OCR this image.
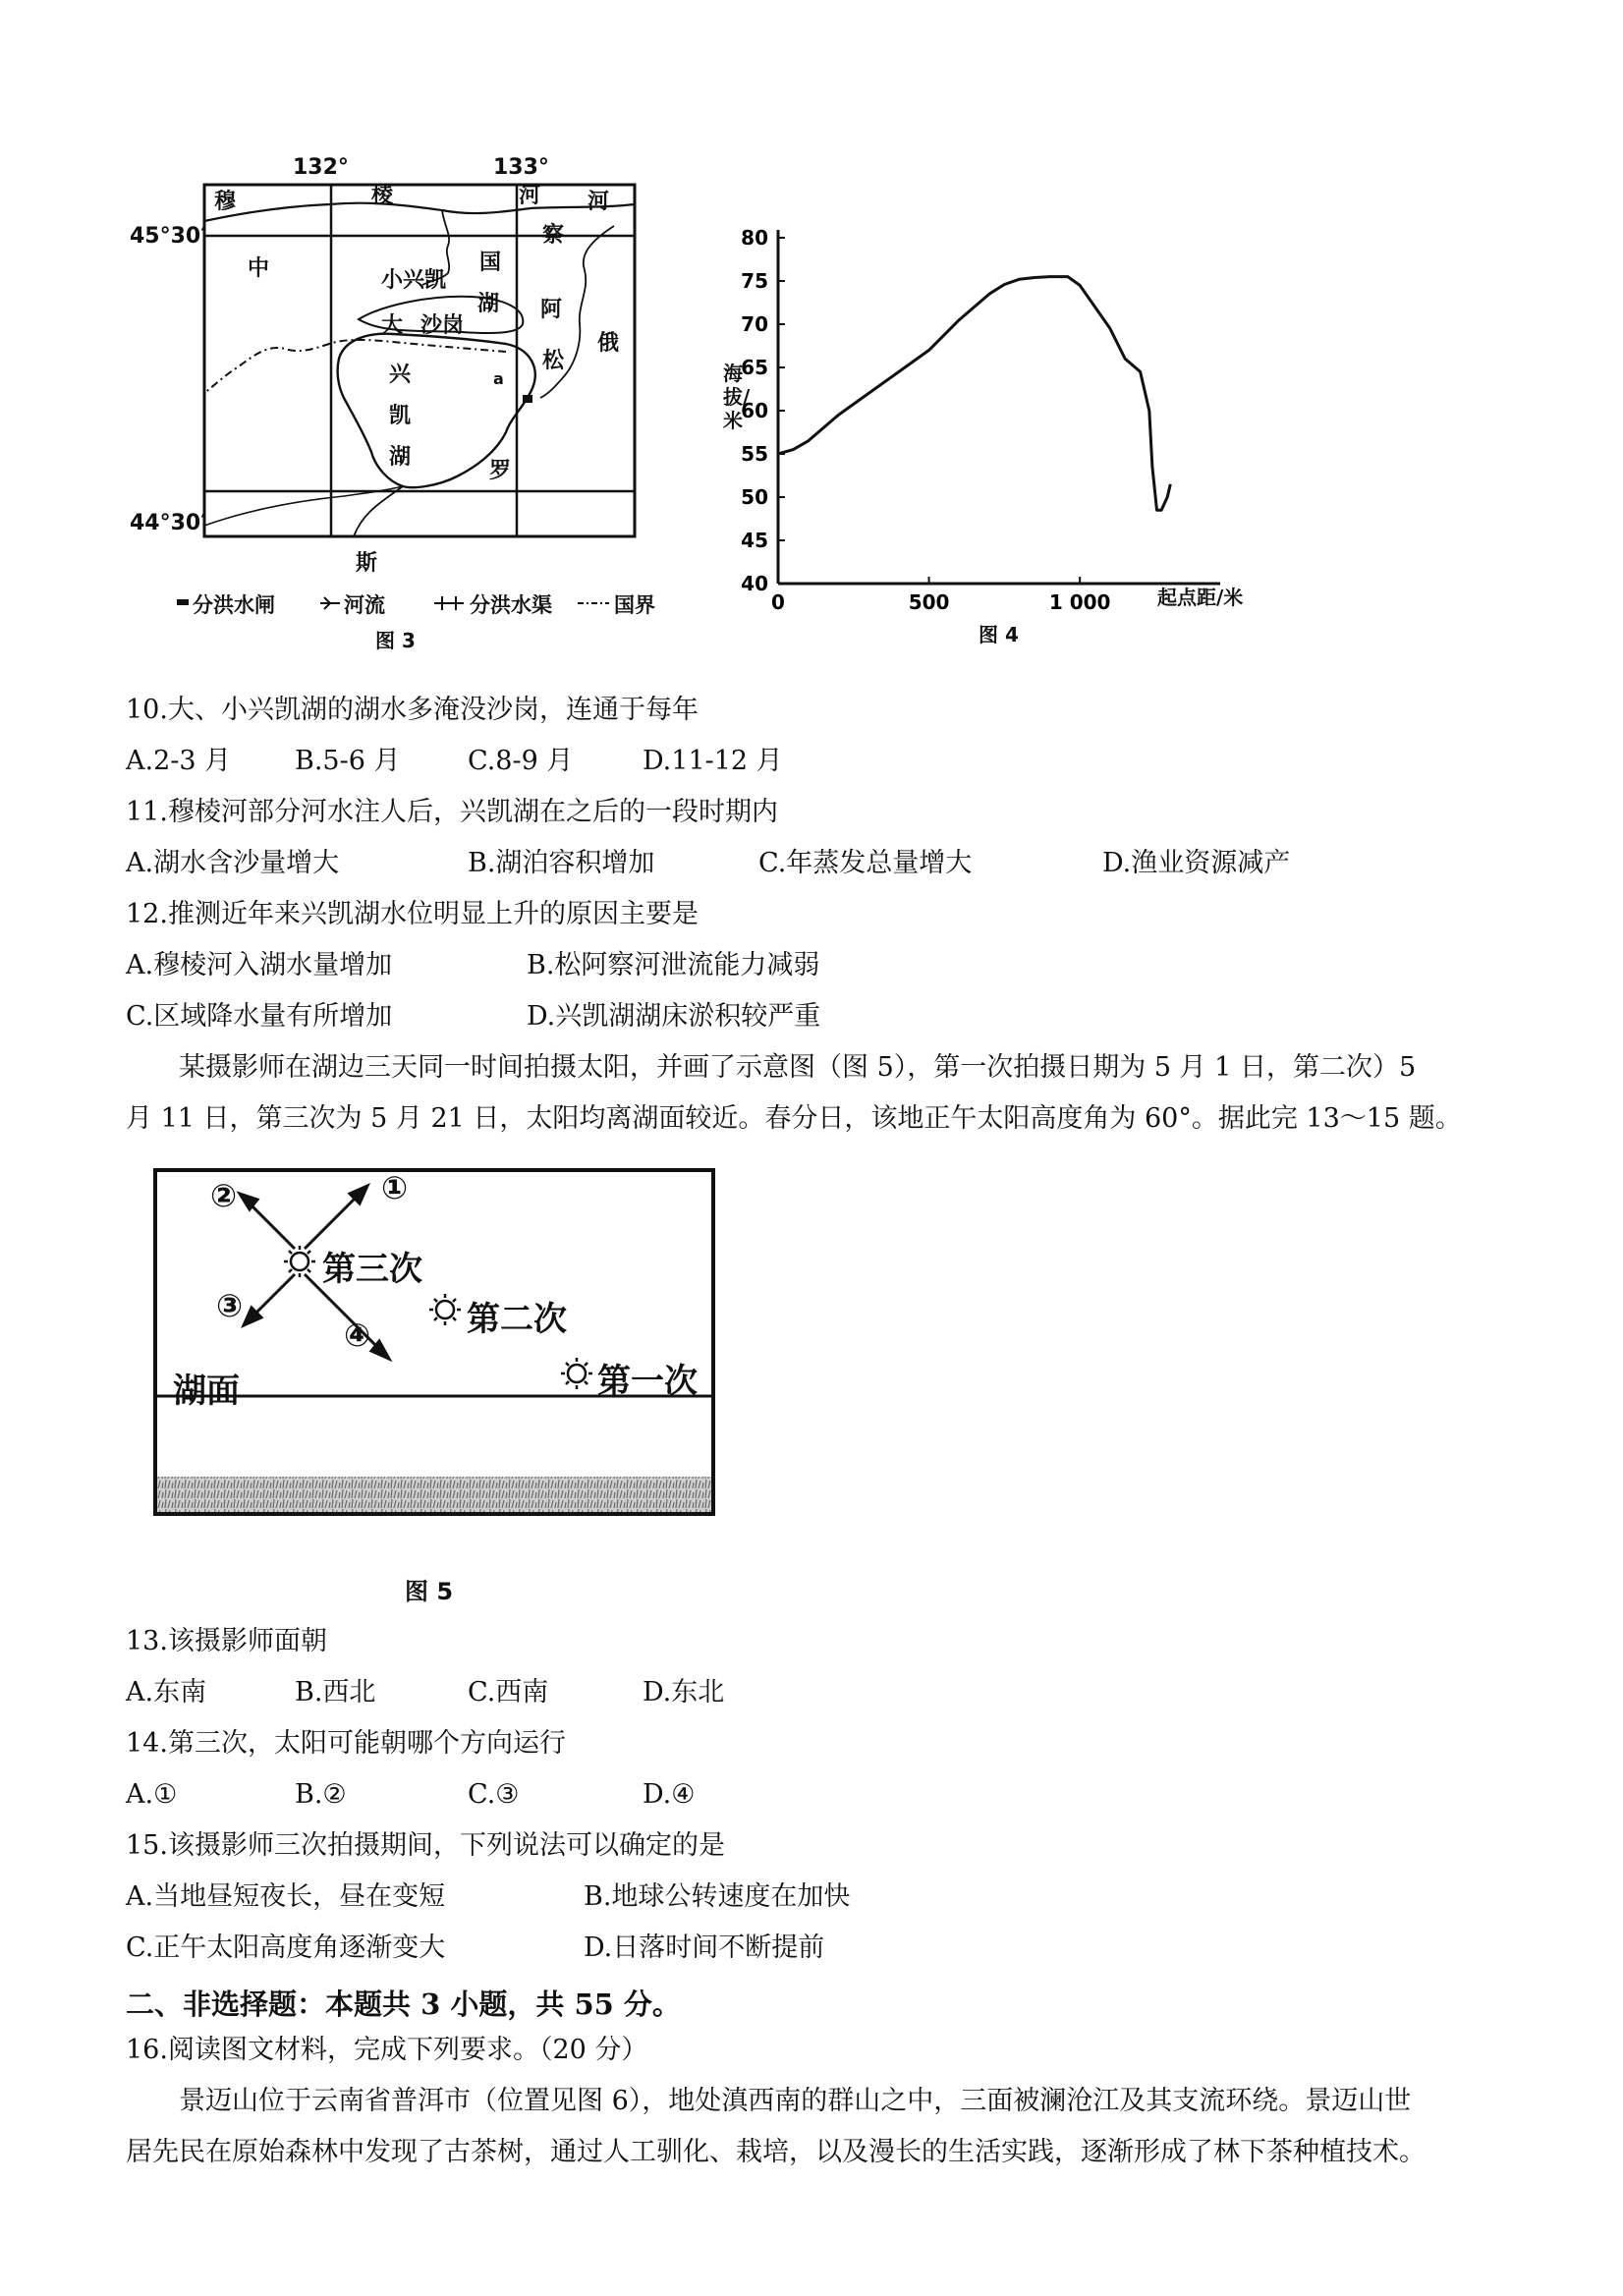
132°	133°
45°30′
44°30′
穆	棱	河 河
察
中	国
小兴凯
湖
大 沙岗
阿
松
兴
凯
湖
俄
罗
斯
a
分洪水闸	河流	分洪水渠	国界
图 3
80
75
70
65
60
55
50
45
40
0	500	1 000
海拔/米
起点距/米
图 4
10.大、小兴凯湖的湖水多淹没沙岗，连通于每年
A.2-3 月 B.5-6 月	C.8-9 月	D.11-12 月
11.穆棱河部分河水注人后，兴凯湖在之后的一段时期内
A.湖水含沙量增大	B.湖泊容积增加	C.年蒸发总量增大	D.渔业资源减产
12.推测近年来兴凯湖水位明显上升的原因主要是
A.穆棱河入湖水量增加	B.松阿察河泄流能力减弱
C.区域降水量有所增加	D.兴凯湖湖床淤积较严重
某摄影师在湖边三天同一时间拍摄太阳，并画了示意图（图 5），第一次拍摄日期为 5 月 1 日，第二次）5
月 11 日，第三次为 5 月 21 日，太阳均离湖面较近。春分日，该地正午太阳高度角为 60°。据此完 13～15 题。
第三次
第二次
第一次
湖面
①
②
③
④
图 5
13.该摄影师面朝
A.东南	B.西北	C.西南	D.东北
14.第三次，太阳可能朝哪个方向运行
A.①	B.②	C.③	D.④
15.该摄影师三次拍摄期间，下列说法可以确定的是
A.当地昼短夜长，昼在变短	B.地球公转速度在加快
C.正午太阳高度角逐渐变大	D.日落时间不断提前
二、非选择题：本题共 3 小题，共 55 分。
16.阅读图文材料，完成下列要求。（20 分）
景迈山位于云南省普洱市（位置见图 6），地处滇西南的群山之中，三面被澜沧江及其支流环绕。景迈山世
居先民在原始森林中发现了古茶树，通过人工驯化、栽培，以及漫长的生活实践，逐渐形成了林下茶种植技术。
